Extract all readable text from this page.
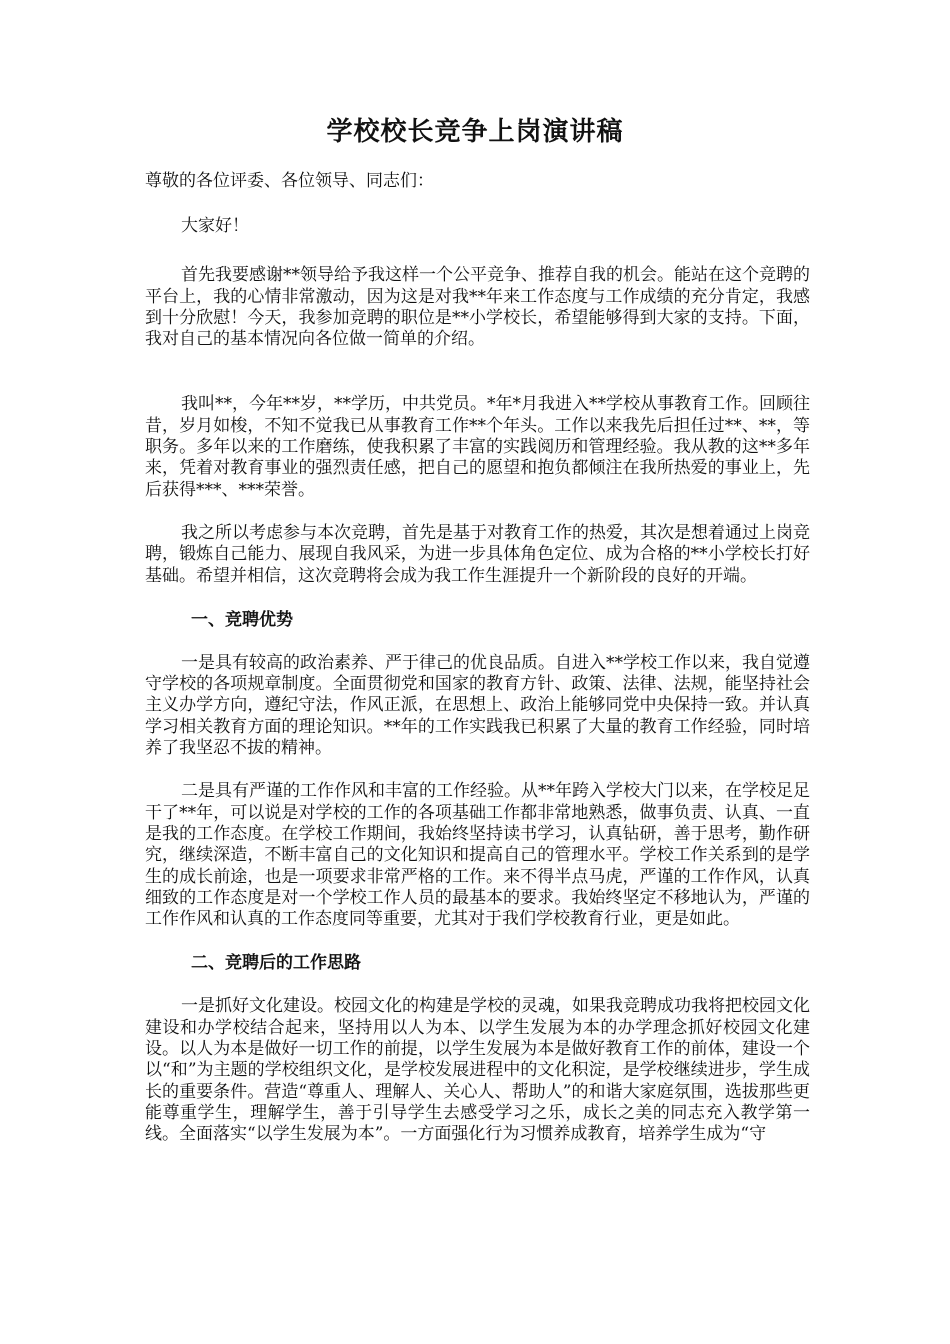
学校校长竞争上岗演讲稿

尊敬的各位评委、各位领导、同志们：

大家好！

首先我要感谢**领导给予我这样一个公平竞争、推荐自我的机会。能站在这个竞聘的平台上，我的心情非常激动，因为这是对我**年来工作态度与工作成绩的充分肯定，我感到十分欣慰！今天，我参加竞聘的职位是**小学校长，希望能够得到大家的支持。下面，我对自己的基本情况向各位做一简单的介绍。

我叫**，今年**岁，**学历，中共党员。*年*月我进入**学校从事教育工作。回顾往昔，岁月如梭，不知不觉我已从事教育工作**个年头。工作以来我先后担任过**、**，等职务。多年以来的工作磨练，使我积累了丰富的实践阅历和管理经验。我从教的这**多年来，凭着对教育事业的强烈责任感，把自己的愿望和抱负都倾注在我所热爱的事业上，先后获得***、***荣誉。

我之所以考虑参与本次竞聘，首先是基于对教育工作的热爱，其次是想着通过上岗竞聘，锻炼自己能力、展现自我风采，为进一步具体角色定位、成为合格的**小学校长打好基础。希望并相信，这次竞聘将会成为我工作生涯提升一个新阶段的良好的开端。

一、竞聘优势

一是具有较高的政治素养、严于律己的优良品质。自进入**学校工作以来，我自觉遵守学校的各项规章制度。全面贯彻党和国家的教育方针、政策、法律、法规，能坚持社会主义办学方向，遵纪守法，作风正派，在思想上、政治上能够同党中央保持一致。并认真学习相关教育方面的理论知识。**年的工作实践我已积累了大量的教育工作经验，同时培养了我坚忍不拔的精神。

二是具有严谨的工作作风和丰富的工作经验。从**年跨入学校大门以来，在学校足足干了**年，可以说是对学校的工作的各项基础工作都非常地熟悉，做事负责、认真、一直是我的工作态度。在学校工作期间，我始终坚持读书学习，认真钻研，善于思考，勤作研究，继续深造，不断丰富自己的文化知识和提高自己的管理水平。学校工作关系到的是学生的成长前途，也是一项要求非常严格的工作。来不得半点马虎，严谨的工作作风，认真细致的工作态度是对一个学校工作人员的最基本的要求。我始终坚定不移地认为，严谨的工作作风和认真的工作态度同等重要，尤其对于我们学校教育行业，更是如此。

二、竞聘后的工作思路

一是抓好文化建设。校园文化的构建是学校的灵魂，如果我竞聘成功我将把校园文化建设和办学校结合起来，坚持用以人为本、以学生发展为本的办学理念抓好校园文化建设。以人为本是做好一切工作的前提，以学生发展为本是做好教育工作的前体，建设一个以“和”为主题的学校组织文化，是学校发展进程中的文化积淀，是学校继续进步，学生成长的重要条件。营造“尊重人、理解人、关心人、帮助人”的和谐大家庭氛围，选拔那些更能尊重学生，理解学生，善于引导学生去感受学习之乐，成长之美的同志充入教学第一线。全面落实“以学生发展为本”。一方面强化行为习惯养成教育，培养学生成为“守
